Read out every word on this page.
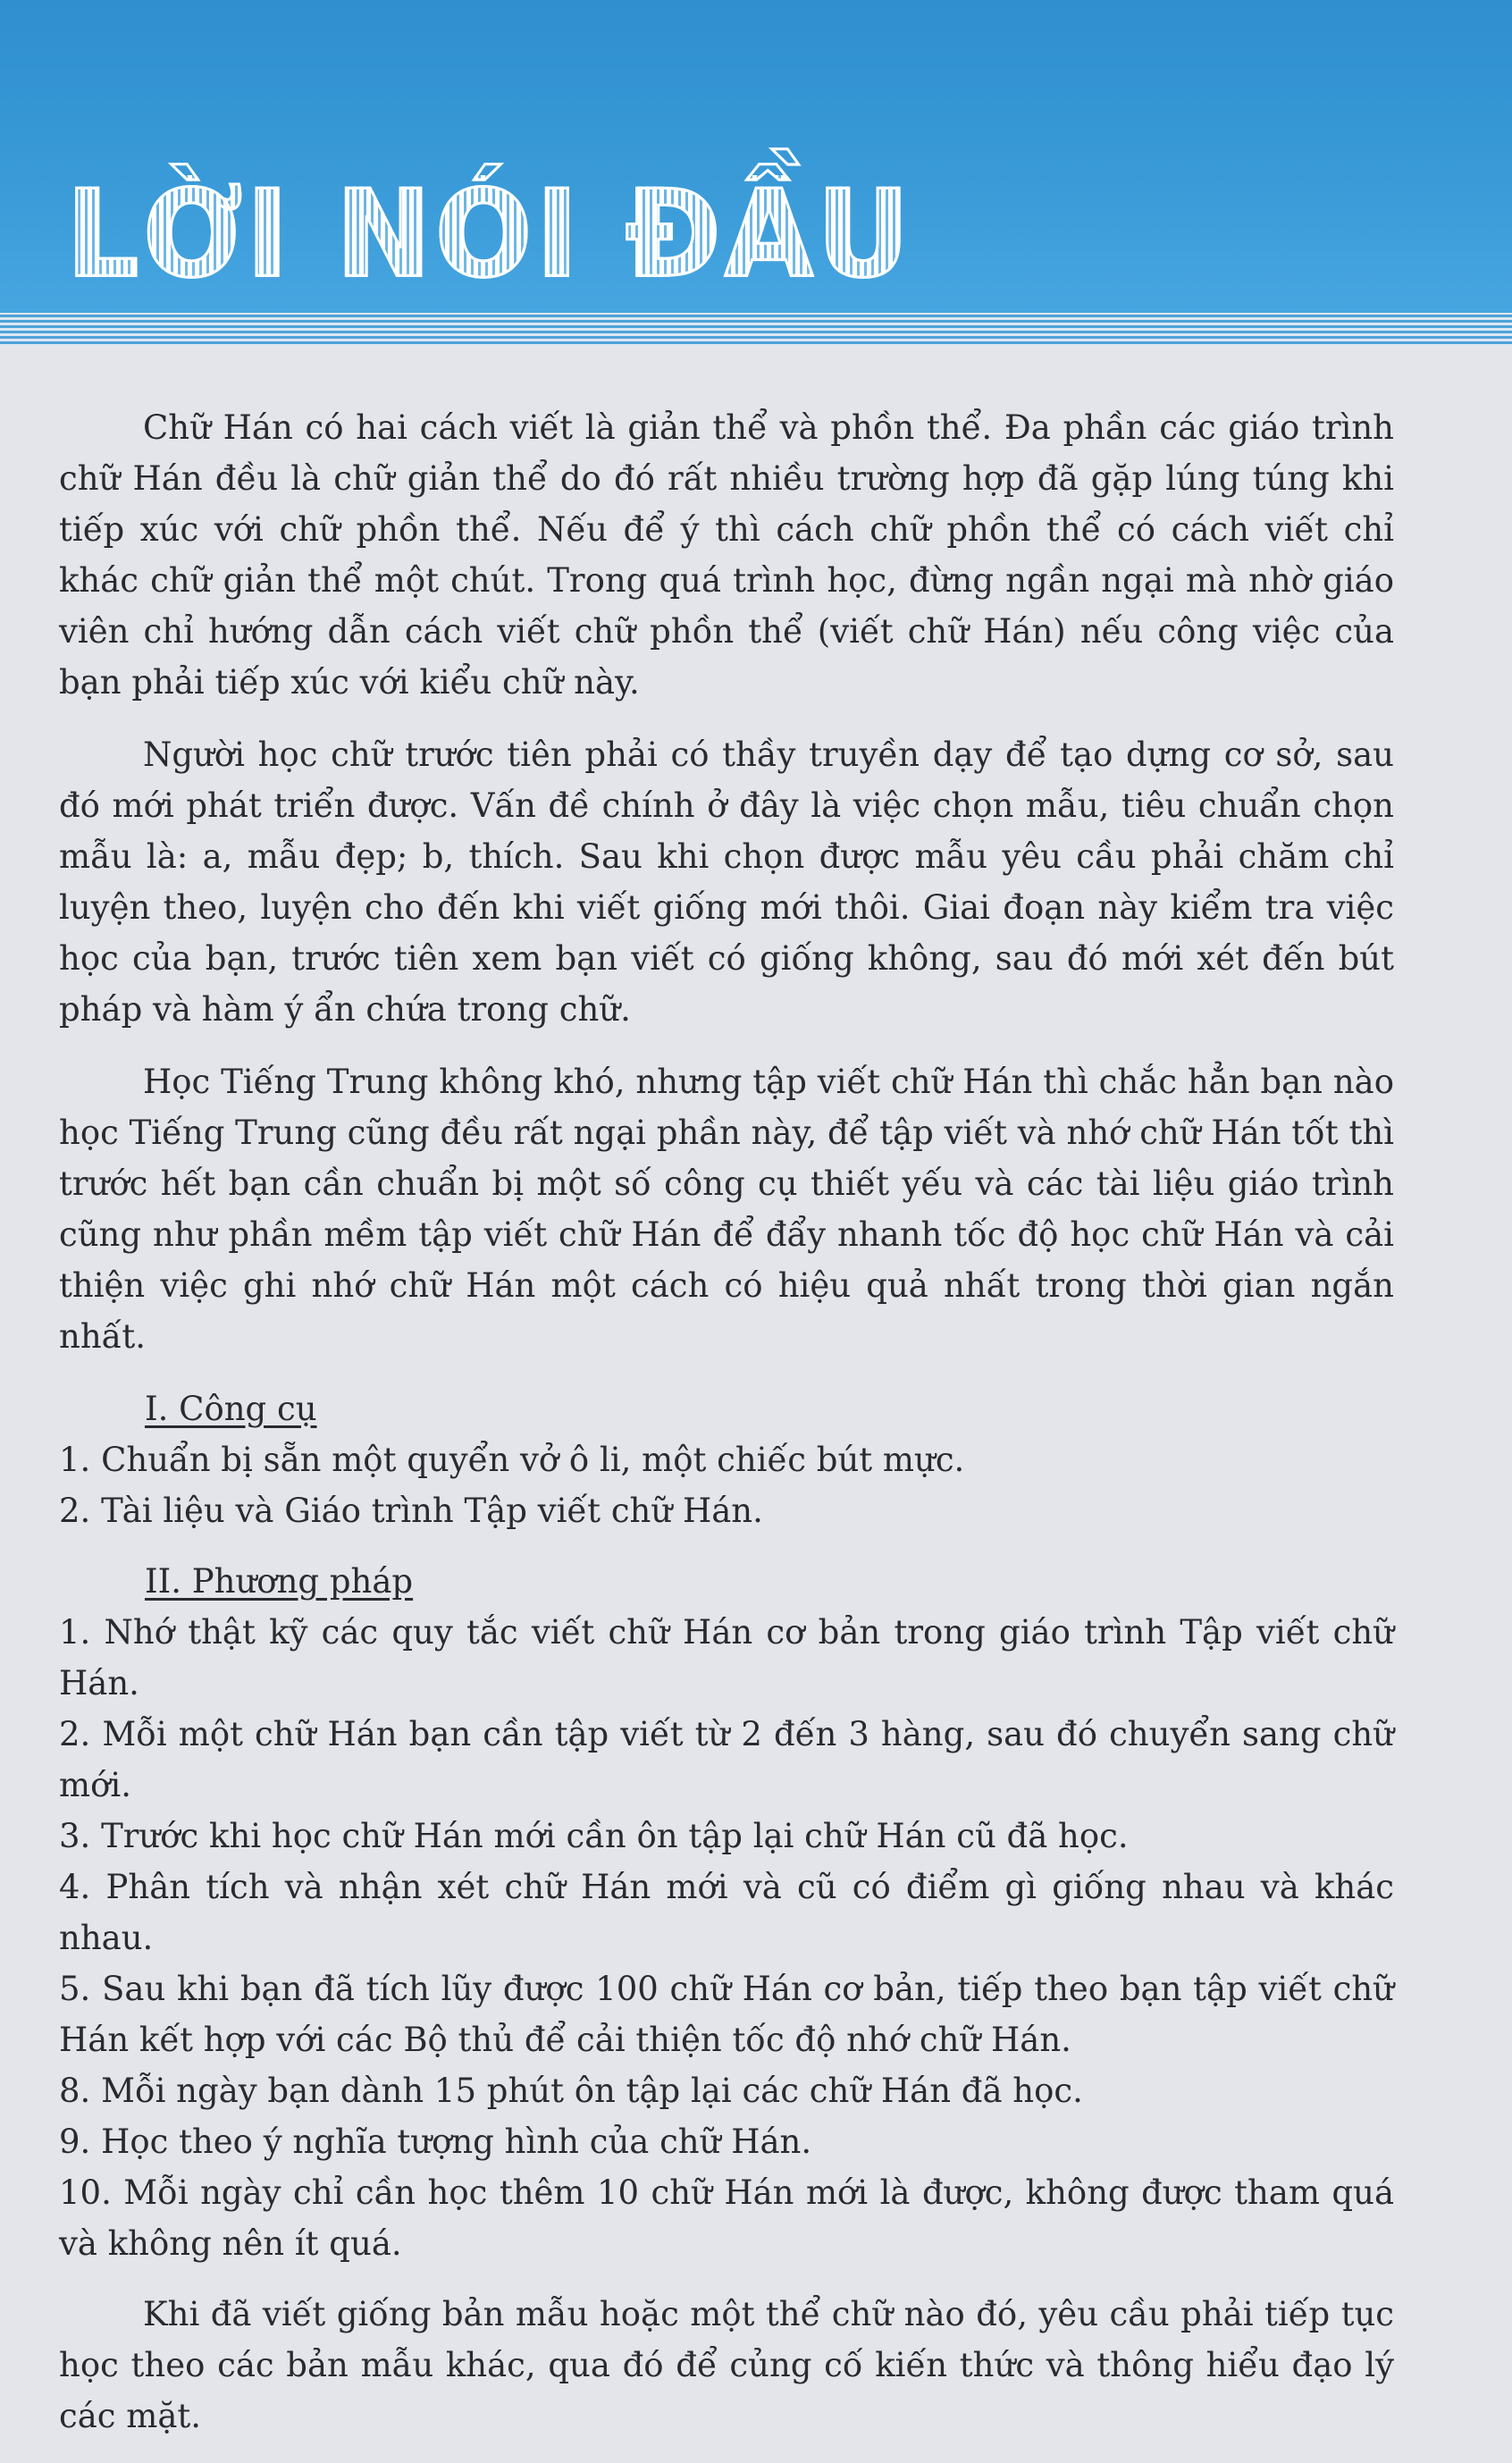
LỜI NÓI ĐẦU

Chữ Hán có hai cách viết là giản thể và phồn thể. Đa phần các giáo trình chữ Hán đều là chữ giản thể do đó rất nhiều trường hợp đã gặp lúng túng khi tiếp xúc với chữ phồn thể. Nếu để ý thì cách chữ phồn thể có cách viết chỉ khác chữ giản thể một chút. Trong quá trình học, đừng ngần ngại mà nhờ giáo viên chỉ hướng dẫn cách viết chữ phồn thể (viết chữ Hán) nếu công việc của bạn phải tiếp xúc với kiểu chữ này.

Người học chữ trước tiên phải có thầy truyền dạy để tạo dựng cơ sở, sau đó mới phát triển được. Vấn đề chính ở đây là việc chọn mẫu, tiêu chuẩn chọn mẫu là: a, mẫu đẹp; b, thích. Sau khi chọn được mẫu yêu cầu phải chăm chỉ luyện theo, luyện cho đến khi viết giống mới thôi. Giai đoạn này kiểm tra việc học của bạn, trước tiên xem bạn viết có giống không, sau đó mới xét đến bút pháp và hàm ý ẩn chứa trong chữ.

Học Tiếng Trung không khó, nhưng tập viết chữ Hán thì chắc hẳn bạn nào học Tiếng Trung cũng đều rất ngại phần này, để tập viết và nhớ chữ Hán tốt thì trước hết bạn cần chuẩn bị một số công cụ thiết yếu và các tài liệu giáo trình cũng như phần mềm tập viết chữ Hán để đẩy nhanh tốc độ học chữ Hán và cải thiện việc ghi nhớ chữ Hán một cách có hiệu quả nhất trong thời gian ngắn nhất.

I. Công cụ
1. Chuẩn bị sẵn một quyển vở ô li, một chiếc bút mực.
2. Tài liệu và Giáo trình Tập viết chữ Hán.
II. Phương pháp
1. Nhớ thật kỹ các quy tắc viết chữ Hán cơ bản trong giáo trình Tập viết chữ Hán.
2. Mỗi một chữ Hán bạn cần tập viết từ 2 đến 3 hàng, sau đó chuyển sang chữ mới.
3. Trước khi học chữ Hán mới cần ôn tập lại chữ Hán cũ đã học.
4. Phân tích và nhận xét chữ Hán mới và cũ có điểm gì giống nhau và khác nhau.
5. Sau khi bạn đã tích lũy được 100 chữ Hán cơ bản, tiếp theo bạn tập viết chữ Hán kết hợp với các Bộ thủ để cải thiện tốc độ nhớ chữ Hán.
8. Mỗi ngày bạn dành 15 phút ôn tập lại các chữ Hán đã học.
9. Học theo ý nghĩa tượng hình của chữ Hán.
10. Mỗi ngày chỉ cần học thêm 10 chữ Hán mới là được, không được tham quá và không nên ít quá.

Khi đã viết giống bản mẫu hoặc một thể chữ nào đó, yêu cầu phải tiếp tục học theo các bản mẫu khác, qua đó để củng cố kiến thức và thông hiểu đạo lý các mặt.
